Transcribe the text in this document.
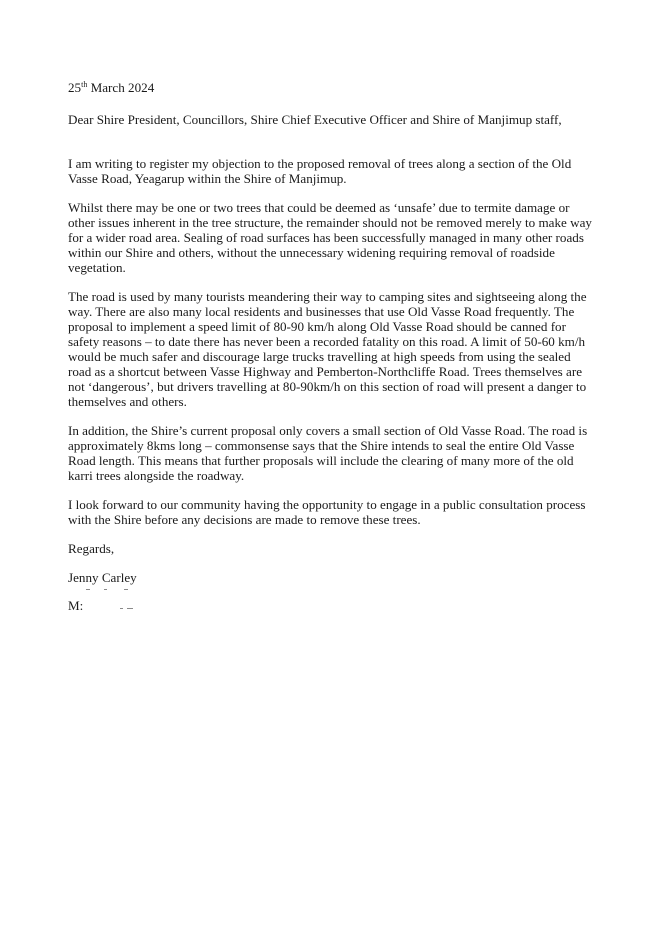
25th March 2024
Dear Shire President, Councillors, Shire Chief Executive Officer and Shire of Manjimup staff,
I am writing to register my objection to the proposed removal of trees along a section of the Old
Vasse Road, Yeagarup within the Shire of Manjimup.
Whilst there may be one or two trees that could be deemed as ‘unsafe’ due to termite damage or
other issues inherent in the tree structure, the remainder should not be removed merely to make way
for a wider road area. Sealing of road surfaces has been successfully managed in many other roads
within our Shire and others, without the unnecessary widening requiring removal of roadside
vegetation.
The road is used by many tourists meandering their way to camping sites and sightseeing along the
way. There are also many local residents and businesses that use Old Vasse Road frequently. The
proposal to implement a speed limit of 80-90 km/h along Old Vasse Road should be canned for
safety reasons – to date there has never been a recorded fatality on this road. A limit of 50-60 km/h
would be much safer and discourage large trucks travelling at high speeds from using the sealed
road as a shortcut between Vasse Highway and Pemberton-Northcliffe Road. Trees themselves are
not ‘dangerous’, but drivers travelling at 80-90km/h on this section of road will present a danger to
themselves and others.
In addition, the Shire’s current proposal only covers a small section of Old Vasse Road. The road is
approximately 8kms long – commonsense says that the Shire intends to seal the entire Old Vasse
Road length. This means that further proposals will include the clearing of many more of the old
karri trees alongside the roadway.
I look forward to our community having the opportunity to engage in a public consultation process
with the Shire before any decisions are made to remove these trees.
Regards,
Jenny Carley
M:
